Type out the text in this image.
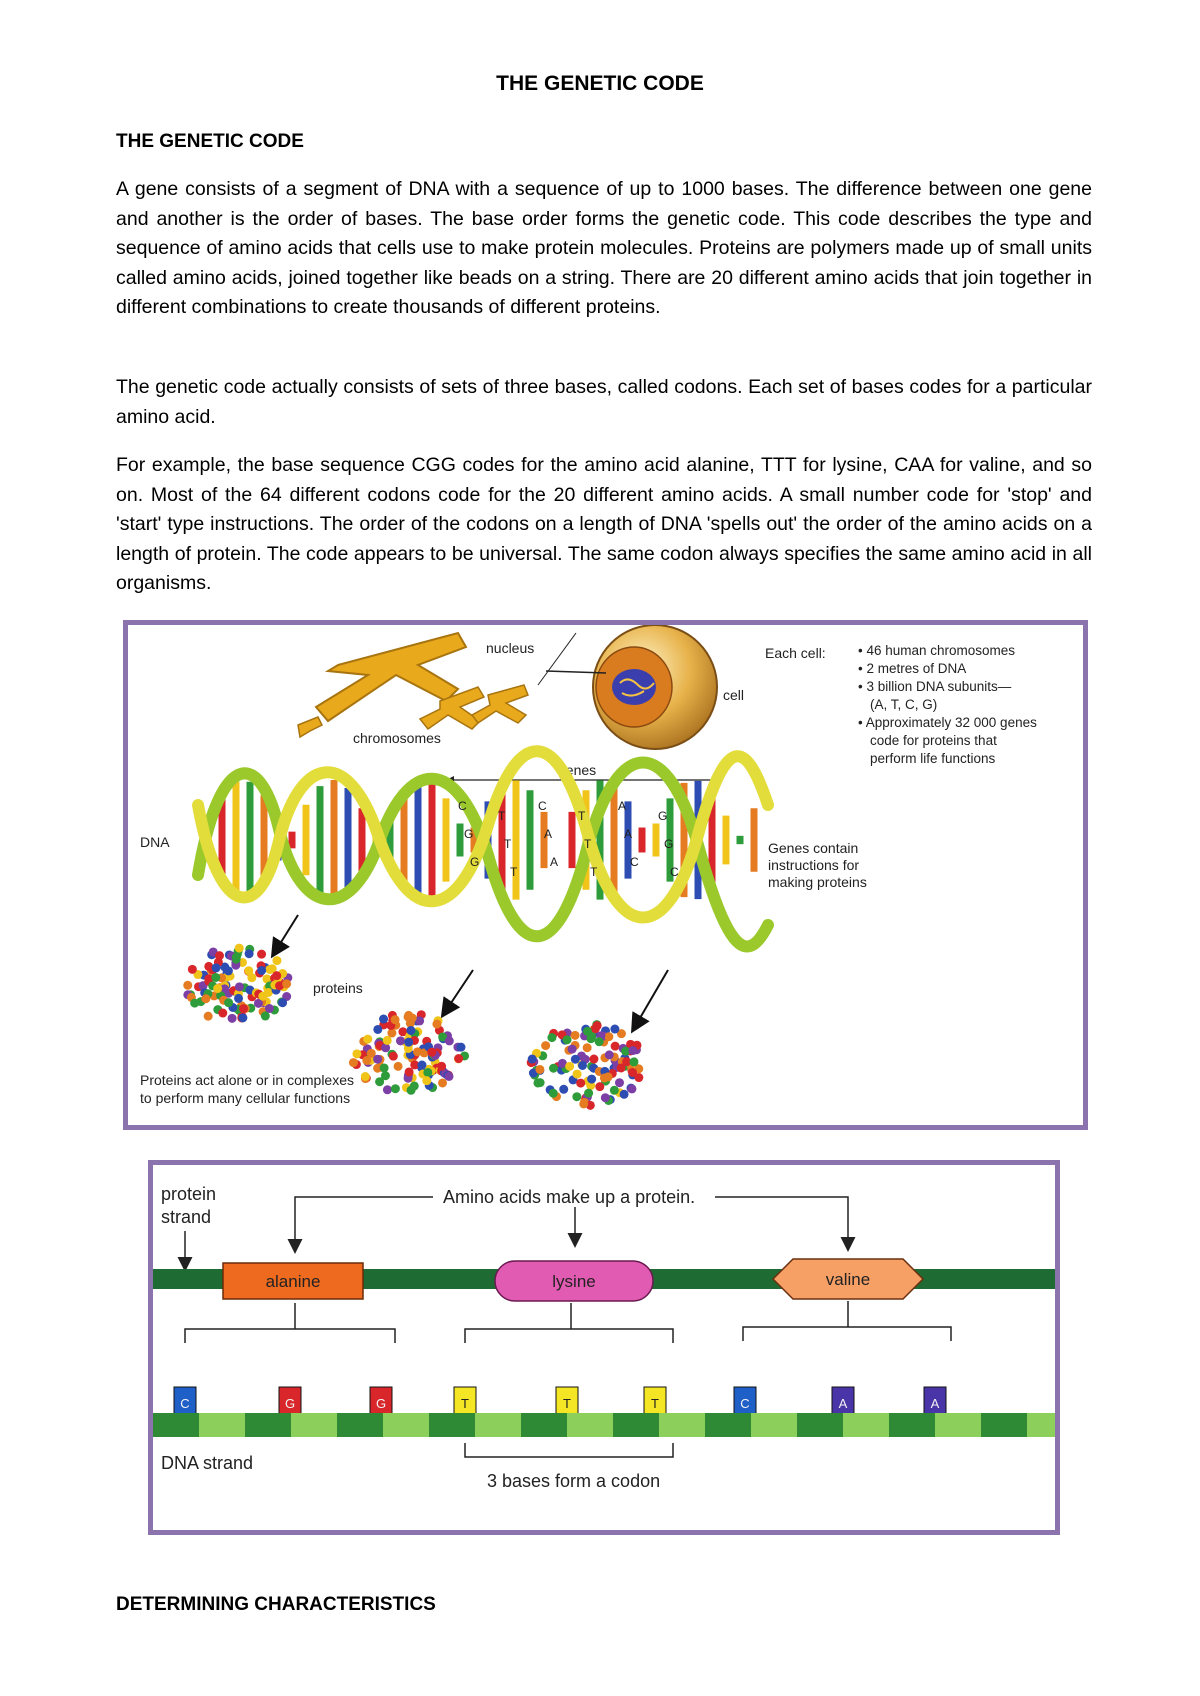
THE GENETIC CODE
THE GENETIC CODE

A gene consists of a segment of DNA with a sequence of up to 1000 bases. The difference between one gene and another is the order of bases. The base order forms the genetic code. This code describes the type and sequence of amino acids that cells use to make protein molecules. Proteins are polymers made up of small units called amino acids, joined together like beads on a string. There are 20 different amino acids that join together in different combinations to create thousands of different proteins.

The genetic code actually consists of sets of three bases, called codons. Each set of bases codes for a particular amino acid.

For example, the base sequence CGG codes for the amino acid alanine, TTT for lysine, CAA for valine, and so on. Most of the 64 different codons code for the 20 different amino acids. A small number code for 'stop' and 'start' type instructions. The order of the codons on a length of DNA 'spells out' the order of the amino acids on a length of protein. The code appears to be universal. The same codon always specifies the same amino acid in all organisms.

chromosomes
nucleus
cell
Each cell: • 46 human chromosomes
• 2 metres of DNA
• 3 billion DNA subunits—
(A, T, C, G)
• Approximately 32 000 genes
code for proteins that
perform life functions
genes
DNA
C
G
G
T
T
T
C
A
A
T
T
T
A
A
C
G
G
C
Genes contain
instructions for
making proteins
proteins
Proteins act alone or in complexes
to perform many cellular functions
protein
strand
Amino acids make up a protein.
alanine	lysine	valine
C	G	G	T	T	T	C	A	A
DNA strand
3 bases form a codon
DETERMINING CHARACTERISTICS
